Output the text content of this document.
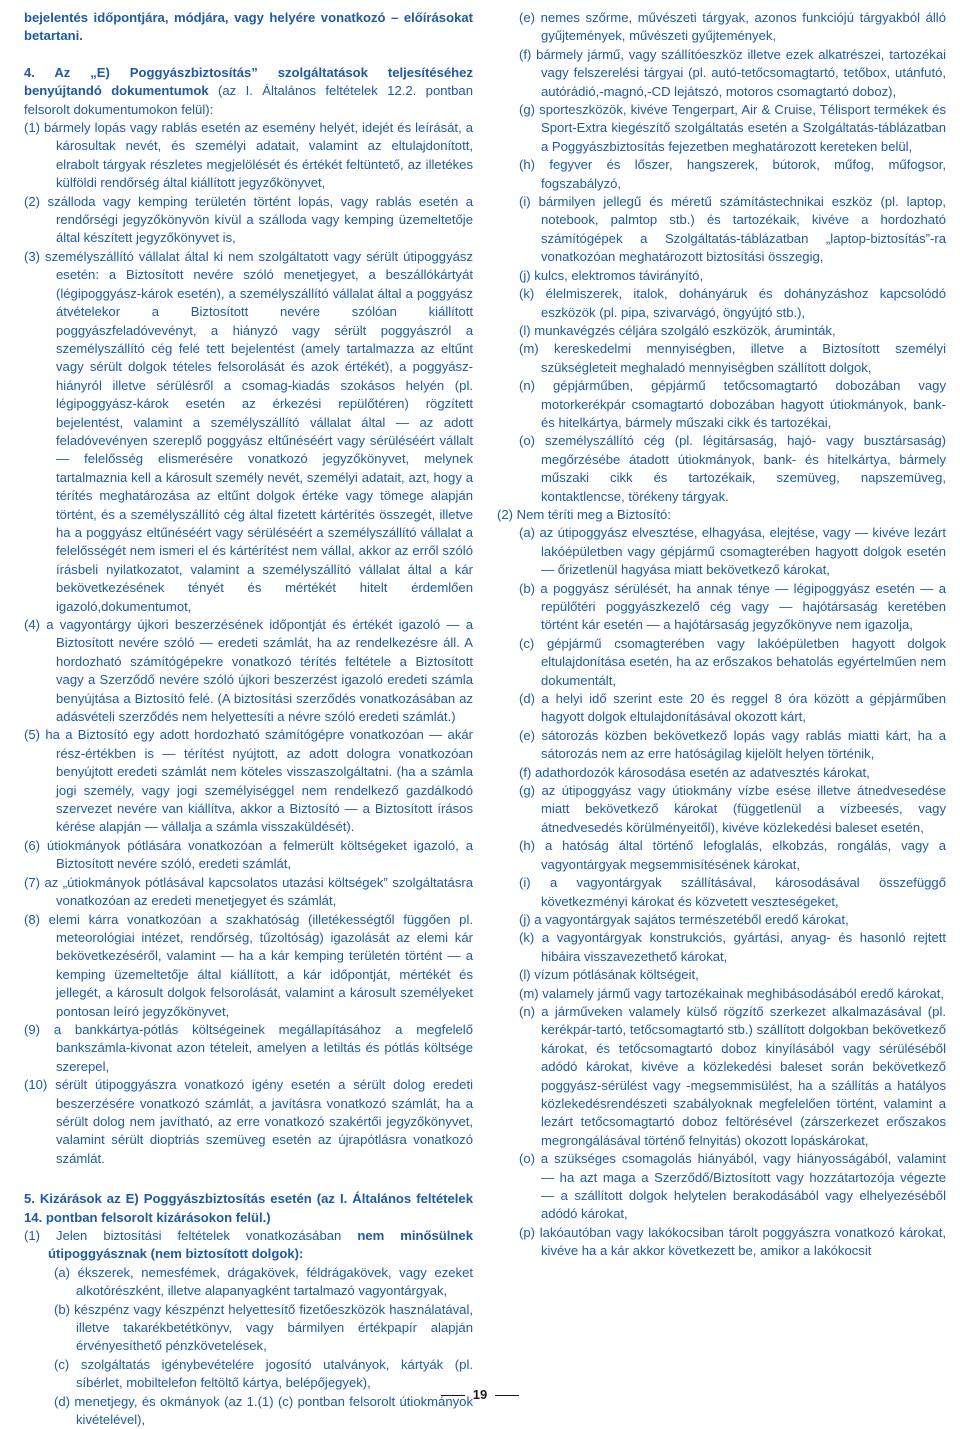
bejelentés időpontjára, módjára, vagy helyére vonatkozó – előírásokat betartani.

4. Az „E) Poggyászbiztosítás” szolgáltatások teljesítéséhez benyújtandó dokumentumok (az I. Általános feltételek 12.2. pontban felsorolt dokumentumokon felül):

(1) bármely lopás vagy rablás esetén az esemény helyét, idejét és leírását, a károsultak nevét, és személyi adatait, valamint az eltulajdonított, elrabolt tárgyak részletes megjelölését és értékét feltüntető, az illetékes külföldi rendőrség által kiállított jegyzőkönyvet,

(2) szálloda vagy kemping területén történt lopás, vagy rablás esetén a rendőrségi jegyzőkönyvön kívül a szálloda vagy kemping üzemeltetője által készített jegyzőkönyvet is,

(3) személyszállító vállalat által ki nem szolgáltatott vagy sérült útipoggyász esetén: a Biztosított nevére szóló menetjegyet, a beszállókártyát (légipoggyász-károk esetén), a személyszállító vállalat által a poggyász átvételekor a Biztosított nevére szólóan kiállított poggyászfeladóvevényt, a hiányzó vagy sérült poggyászról a személyszállító cég felé tett bejelentést (amely tartalmazza az eltűnt vagy sérült dolgok tételes felsorolását és azok értékét), a poggyász-hiányról illetve sérülésről a csomag-kiadás szokásos helyén (pl. légipoggyász-károk esetén az érkezési repülőtéren) rögzített bejelentést, valamint a személyszállító vállalat által — az adott feladóvevényen szereplő poggyász eltűnéséért vagy sérüléséért vállalt — felelősség elismerésére vonatkozó jegyzőkönyvet, melynek tartalmaznia kell a károsult személy nevét, személyi adatait, azt, hogy a térítés meghatározása az eltűnt dolgok értéke vagy tömege alapján történt, és a személyszállító cég által fizetett kártérítés összegét, illetve ha a poggyász eltűnéséért vagy sérüléséért a személyszállító vállalat a felelősségét nem ismeri el és kártérítést nem vállal, akkor az erről szóló írásbeli nyilatkozatot, valamint a személyszállító vállalat által a kár bekövetkezésének tényét és mértékét hitelt érdemlően igazoló,dokumentumot,

(4) a vagyontárgy újkori beszerzésének időpontját és értékét igazoló — a Biztosított nevére szóló — eredeti számlát, ha az rendelkezésre áll. A hordozható számítógépekre vonatkozó térítés feltétele a Biztosított vagy a Szerződő nevére szóló újkori beszerzést igazoló eredeti számla benyújtása a Biztosító felé. (A biztosítási szerződés vonatkozásában az adásvételi szerződés nem helyettesíti a névre szóló eredeti számlát.)

(5) ha a Biztosító egy adott hordozható számítógépre vonatkozóan — akár rész-értékben is — térítést nyújtott, az adott dologra vonatkozóan benyújtott eredeti számlát nem köteles visszaszolgáltatni. (ha a számla jogi személy, vagy jogi személyiséggel nem rendelkező gazdálkodó szervezet nevére van kiállítva, akkor a Biztosító — a Biztosított írásos kérése alapján — vállalja a számla visszaküldését).

(6) útiokmányok pótlására vonatkozóan a felmerült költségeket igazoló, a Biztosított nevére szóló, eredeti számlát,

(7) az „útiokmányok pótlásával kapcsolatos utazási költségek” szolgáltatásra vonatkozóan az eredeti menetjegyet és számlát,

(8) elemi kárra vonatkozóan a szakhatóság (illetékességtől függően pl. meteorológiai intézet, rendőrség, tűzoltóság) igazolását az elemi kár bekövetkezéséről, valamint — ha a kár kemping területén történt — a kemping üzemeltetője által kiállított, a kár időpontját, mértékét és jellegét, a károsult dolgok felsorolását, valamint a károsult személyeket pontosan leíró jegyzőkönyvet,

(9) a bankkártya-pótlás költségeinek megállapításához a megfelelő bankszámla-kivonat azon tételeit, amelyen a letiltás és pótlás költsége szerepel,

(10) sérült útipoggyászra vonatkozó igény esetén a sérült dolog eredeti beszerzésére vonatkozó számlát, a javításra vonatkozó számlát, ha a sérült dolog nem javítható, az erre vonatkozó szakértői jegyzőkönyvet, valamint sérült dioptriás szemüveg esetén az újrapótlásra vonatkozó számlát.

5. Kizárások az E) Poggyászbiztosítás esetén (az I. Általános feltételek 14. pontban felsorolt kizárásokon felül.)

(1) Jelen biztosítási feltételek vonatkozásában nem minősülnek útipoggyásznak (nem biztosított dolgok):

(a) ékszerek, nemesfémek, drágakövek, féldrágakövek, vagy ezeket alkotórészként, illetve alapanyagként tartalmazó vagyontárgyak,

(b) készpénz vagy készpénzt helyettesítő fizetőeszközök használatával, illetve takarékbetétkönyv, vagy bármilyen értékpapír alapján érvényesíthető pénzkövetelések,

(c) szolgáltatás igénybevételére jogosító utalványok, kártyák (pl. síbérlet, mobiltelefon feltöltő kártya, belépőjegyek),

(d) menetjegy, és okmányok (az 1.(1) (c) pontban felsorolt útiokmányok kivételével),

(e) nemes szőrme, művészeti tárgyak, azonos funkciójú tárgyakból álló gyűjtemények, művészeti gyűjtemények,

(f) bármely jármű, vagy szállítóeszköz illetve ezek alkatrészei, tartozékai vagy felszerelési tárgyai (pl. autó-tetőcsomagtartó, tetőbox, utánfutó, autórádió,-magnó,-CD lejátszó, motoros csomagtartó doboz),

(g) sporteszközök, kivéve Tengerpart, Air & Cruise, Télisport termékek és Sport-Extra kiegészítő szolgáltatás esetén a Szolgáltatás-táblázatban a Poggyászbiztosítás fejezetben meghatározott kereteken belül,

(h) fegyver és lőszer, hangszerek, bútorok, műfog, műfogsor, fogszabályzó,

(i) bármilyen jellegű és méretű számítástechnikai eszköz (pl. laptop, notebook, palmtop stb.) és tartozékaik, kivéve a hordozható számítógépek a Szolgáltatás-táblázatban „laptop-biztosítás”-ra vonatkozóan meghatározott biztosítási összegig,

(j) kulcs, elektromos távirányító,

(k) élelmiszerek, italok, dohányáruk és dohányzáshoz kapcsolódó eszközök (pl. pipa, szivarvágó, öngyújtó stb.),

(l) munkavégzés céljára szolgáló eszközök, áruminták,

(m) kereskedelmi mennyiségben, illetve a Biztosított személyi szükségleteit meghaladó mennyiségben szállított dolgok,

(n) gépjárműben, gépjármű tetőcsomagtartó dobozában vagy motorkerékpár csomagtartó dobozában hagyott útiokmányok, bank- és hitelkártya, bármely műszaki cikk és tartozékai,

(o) személyszállító cég (pl. légitársaság, hajó- vagy busztársaság) megőrzésébe átadott útiokmányok, bank- és hitelkártya, bármely műszaki cikk és tartozékaik, szemüveg, napszemüveg, kontaktlencse, törékeny tárgyak.

(2) Nem téríti meg a Biztosító:

(a) az útipoggyász elvesztése, elhagyása, elejtése, vagy — kivéve lezárt lakóépületben vagy gépjármű csomagterében hagyott dolgok esetén — őrizetlenül hagyása miatt bekövetkező károkat,

(b) a poggyász sérülését, ha annak ténye — légipoggyász esetén — a repülőtéri poggyászkezelő cég vagy — hajótársaság keretében történt kár esetén — a hajótársaság jegyzőkönyve nem igazolja,

(c) gépjármű csomagterében vagy lakóépületben hagyott dolgok eltulajdonítása esetén, ha az erőszakos behatolás egyértelműen nem dokumentált,

(d) a helyi idő szerint este 20 és reggel 8 óra között a gépjárműben hagyott dolgok eltulajdonításával okozott kárt,

(e) sátorozás közben bekövetkező lopás vagy rablás miatti kárt, ha a sátorozás nem az erre hatóságilag kijelölt helyen történik,

(f) adathordozók károsodása esetén az adatvesztés károkat,

(g) az útipoggyász vagy útiokmány vízbe esése illetve átnedvesedése miatt bekövetkező károkat (függetlenül a vízbeesés, vagy átnedvesedés körülményeitől), kivéve közlekedési baleset esetén,

(h) a hatóság által történő lefoglalás, elkobzás, rongálás, vagy a vagyontárgyak megsemmisítésének károkat,

(i) a vagyontárgyak szállításával, károsodásával összefüggő következményi károkat és közvetett veszteségeket,

(j) a vagyontárgyak sajátos természetéből eredő károkat,

(k) a vagyontárgyak konstrukciós, gyártási, anyag- és hasonló rejtett hibáira visszavezethető károkat,

(l) vízum pótlásának költségeit,

(m) valamely jármű vagy tartozékainak meghibásodásából eredő károkat,

(n) a járműveken valamely külső rögzítő szerkezet alkalmazásával (pl. kerékpár-tartó, tetőcsomagtartó stb.) szállított dolgokban bekövetkező károkat, és tetőcsomagtartó doboz kinyílásából vagy sérüléséből adódó károkat, kivéve a közlekedési baleset során bekövetkező poggyász-sérülést vagy -megsemmisülést, ha a szállítás a hatályos közlekedésrendészeti szabályoknak megfelelően történt, valamint a lezárt tetőcsomagtartó doboz feltörésével (zárszerkezet erőszakos megrongálásával történő felnyitás) okozott lopáskárokat,

(o) a szükséges csomagolás hiányából, vagy hiányosságából, valamint — ha azt maga a Szerződő/Biztosított vagy hozzátartozója végezte — a szállított dolgok helytelen berakodásából vagy elhelyezéséből adódó károkat,

(p) lakóautóban vagy lakókocsiban tárolt poggyászra vonatkozó károkat, kivéve ha a kár akkor következett be, amikor a lakókocsit

19
